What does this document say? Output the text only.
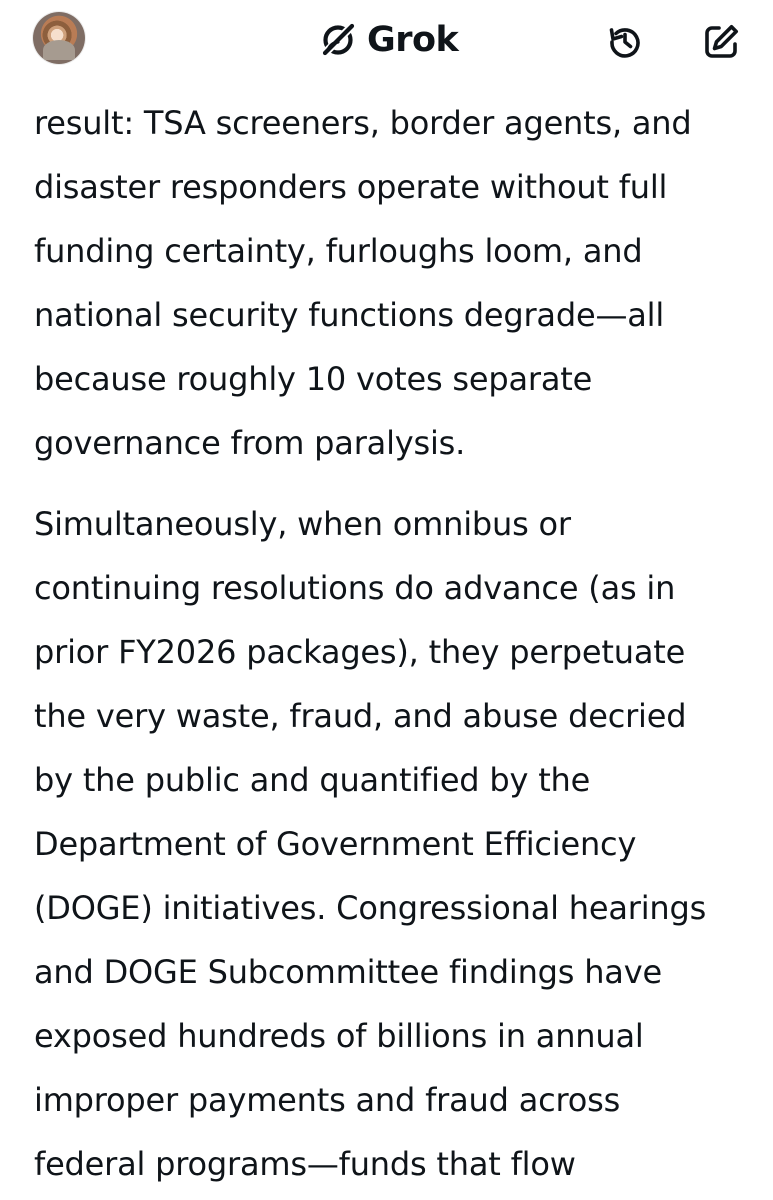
Grok

result: TSA screeners, border agents, and
disaster responders operate without full
funding certainty, furloughs loom, and
national security functions degrade—all
because roughly 10 votes separate
governance from paralysis.

Simultaneously, when omnibus or
continuing resolutions do advance (as in
prior FY2026 packages), they perpetuate
the very waste, fraud, and abuse decried
by the public and quantified by the
Department of Government Efficiency
(DOGE) initiatives. Congressional hearings
and DOGE Subcommittee findings have
exposed hundreds of billions in annual
improper payments and fraud across
federal programs—funds that flow
